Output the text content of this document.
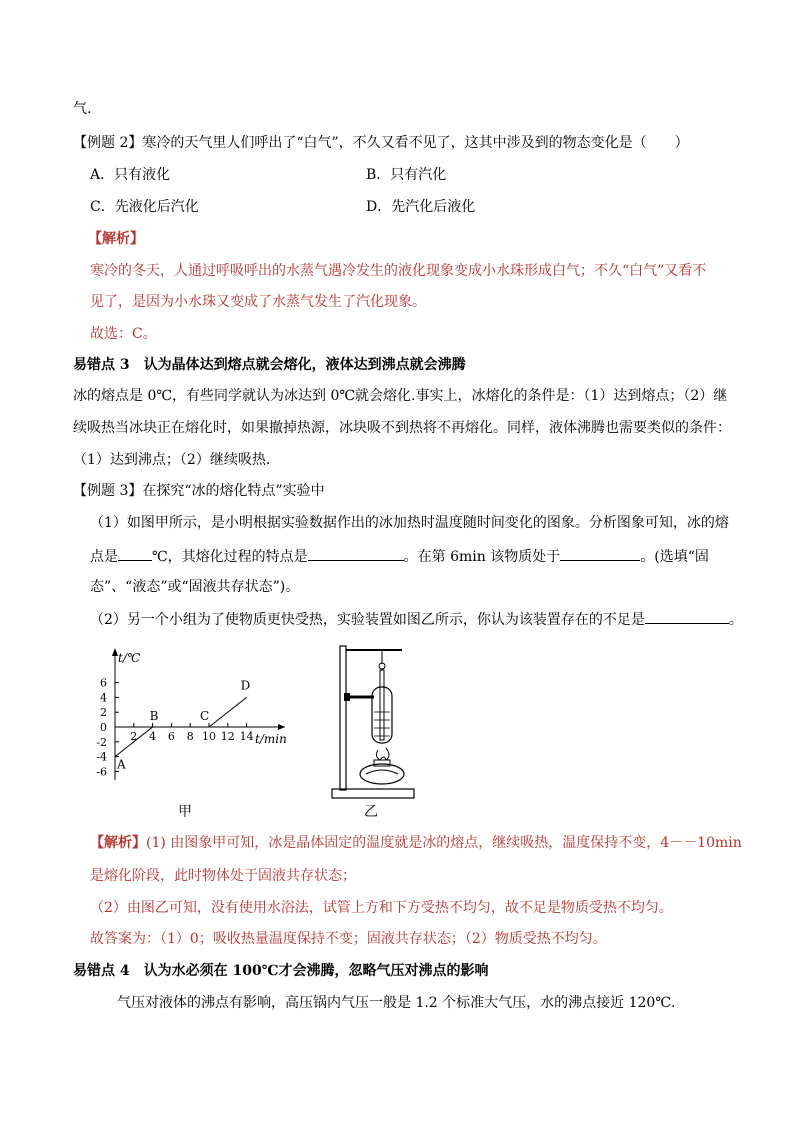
气.
【例题 2】寒冷的天气里人们呼出了“白气”，不久又看不见了，这其中涉及到的物态变化是（　　）
A．只有液化	B．只有汽化
C．先液化后汽化	D．先汽化后液化
【解析】
寒冷的冬天，人通过呼吸呼出的水蒸气遇冷发生的液化现象变成小水珠形成白气；不久“白气”又看不
见了，是因为小水珠又变成了水蒸气发生了汽化现象。
故选：C。
易错点 3　认为晶体达到熔点就会熔化，液体达到沸点就会沸腾
冰的熔点是 0℃，有些同学就认为冰达到 0℃就会熔化.事实上，冰熔化的条件是：（1）达到熔点；（2）继
续吸热当冰块正在熔化时，如果撤掉热源，冰块吸不到热将不再熔化。同样，液体沸腾也需要类似的条件：
（1）达到沸点；（2）继续吸热.
【例题 3】在探究“冰的熔化特点”实验中
（1）如图甲所示，是小明根据实验数据作出的冰加热时温度随时间变化的图象。分析图象可知，冰的熔
点是 ℃，其熔化过程的特点是	。在第 6min 该物质处于	。(选填“固
态”、“液态”或“固液共存状态”)。
（2）另一个小组为了使物质更快受热，实验装置如图乙所示，你认为该装置存在的不足是	。
t/℃
t/min
2 4 6 8 10 12 14
6
4
2
0
-2
-4
-6
A
B	C
D
甲	乙
【解析】(1) 由图象甲可知，冰是晶体固定的温度就是冰的熔点，继续吸热，温度保持不变，4－－10min
是熔化阶段，此时物体处于固液共存状态；
（2）由图乙可知，没有使用水浴法，试管上方和下方受热不均匀，故不足是物质受热不均匀。
故答案为：（1）0；吸收热量温度保持不变；固液共存状态；（2）物质受热不均匀。
易错点 4　认为水必须在 100℃才会沸腾，忽略气压对沸点的影响
气压对液体的沸点有影响，高压锅内气压一般是 1.2 个标准大气压，水的沸点接近 120℃.
